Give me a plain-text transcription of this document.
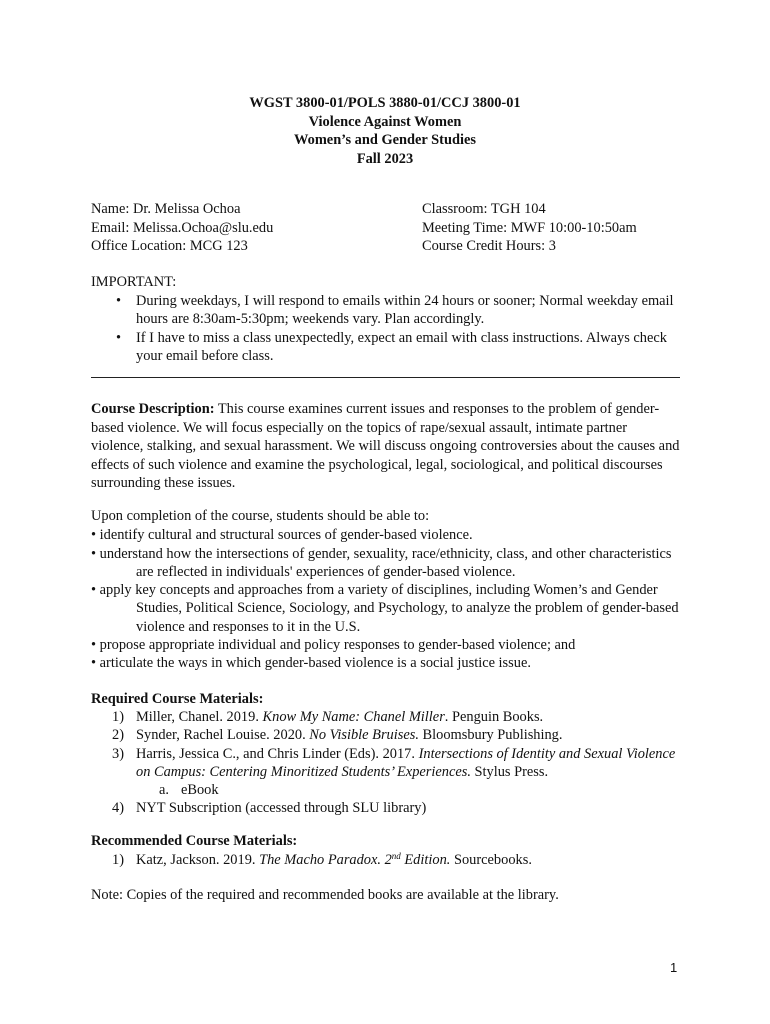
WGST 3800-01/POLS 3880-01/CCJ 3800-01
Violence Against Women
Women’s and Gender Studies
Fall 2023
Name: Dr. Melissa Ochoa
Email: Melissa.Ochoa@slu.edu
Office Location: MCG 123
Classroom: TGH 104
Meeting Time: MWF 10:00-10:50am
Course Credit Hours: 3
IMPORTANT:
• During weekdays, I will respond to emails within 24 hours or sooner; Normal weekday email hours are 8:30am-5:30pm; weekends vary. Plan accordingly.
• If I have to miss a class unexpectedly, expect an email with class instructions. Always check your email before class.
Course Description: This course examines current issues and responses to the problem of gender-based violence. We will focus especially on the topics of rape/sexual assault, intimate partner violence, stalking, and sexual harassment. We will discuss ongoing controversies about the causes and effects of such violence and examine the psychological, legal, sociological, and political discourses surrounding these issues.
Upon completion of the course, students should be able to:
• identify cultural and structural sources of gender-based violence.
• understand how the intersections of gender, sexuality, race/ethnicity, class, and other characteristics are reflected in individuals' experiences of gender-based violence.
• apply key concepts and approaches from a variety of disciplines, including Women’s and Gender Studies, Political Science, Sociology, and Psychology, to analyze the problem of gender-based violence and responses to it in the U.S.
• propose appropriate individual and policy responses to gender-based violence; and
• articulate the ways in which gender-based violence is a social justice issue.
Required Course Materials:
1) Miller, Chanel. 2019. Know My Name: Chanel Miller. Penguin Books.
2) Synder, Rachel Louise. 2020. No Visible Bruises. Bloomsbury Publishing.
3) Harris, Jessica C., and Chris Linder (Eds). 2017. Intersections of Identity and Sexual Violence on Campus: Centering Minoritized Students’ Experiences. Stylus Press.
a. eBook
4) NYT Subscription (accessed through SLU library)
Recommended Course Materials:
1) Katz, Jackson. 2019. The Macho Paradox. 2nd Edition. Sourcebooks.
Note: Copies of the required and recommended books are available at the library.
1
